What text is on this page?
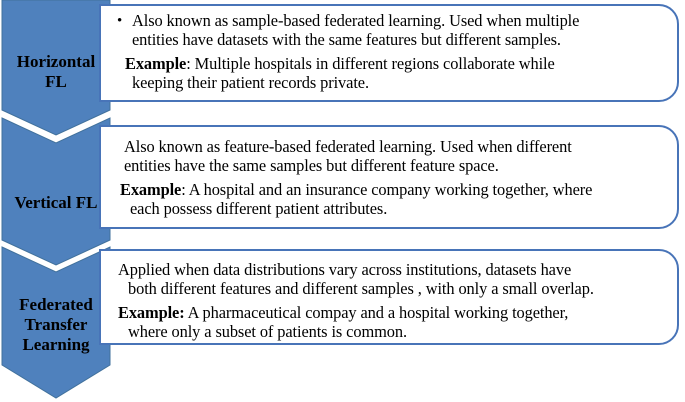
Horizontal
FL
Vertical FL
Federated
Transfer
Learning
• Also known as sample-based federated learning. Used when multiple
entities have datasets with the same features but different samples.
Example: Multiple hospitals in different regions collaborate while
keeping their patient records private.
Also known as feature-based federated learning. Used when different
entities have the same samples but different feature space.
Example: A hospital and an insurance company working together, where
each possess different patient attributes.
Applied when data distributions vary across institutions, datasets have
both different features and different samples , with only a small overlap.
Example: A pharmaceutical compay and a hospital working together,
where only a subset of patients is common.
